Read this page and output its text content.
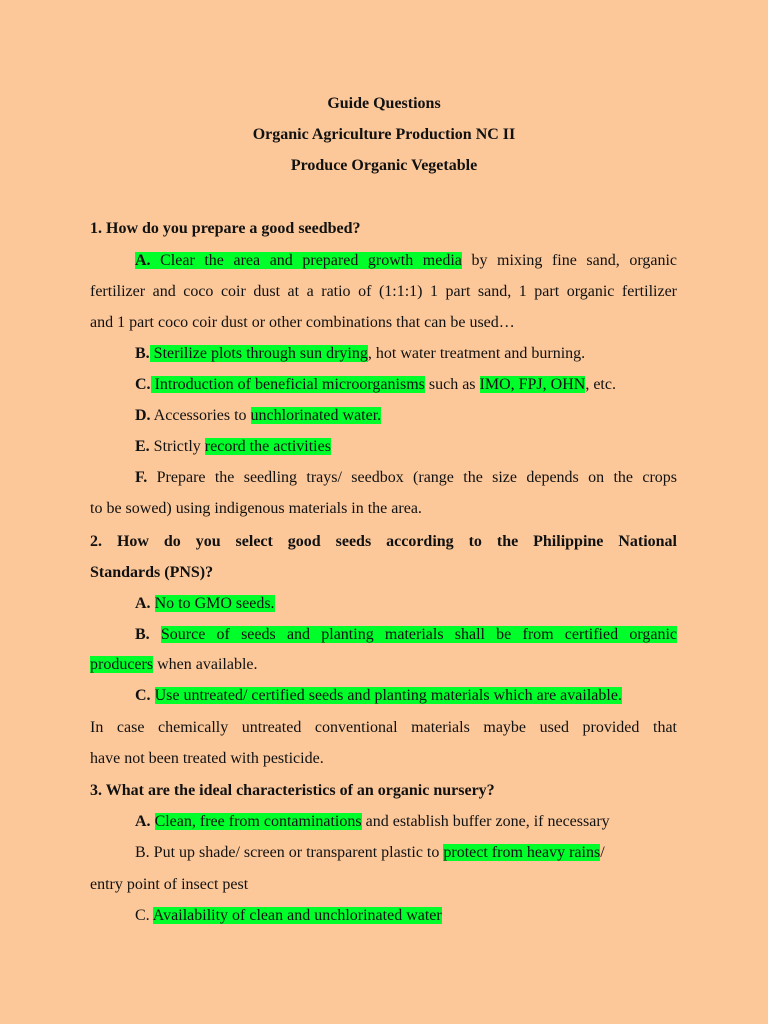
Guide Questions
Organic Agriculture Production NC II
Produce Organic Vegetable
1. How do you prepare a good seedbed?
A. Clear the area and prepared growth media by mixing fine sand, organic
fertilizer and coco coir dust at a ratio of (1:1:1) 1 part sand, 1 part organic fertilizer
and 1 part coco coir dust or other combinations that can be used…
B. Sterilize plots through sun drying, hot water treatment and burning.
C. Introduction of beneficial microorganisms such as IMO, FPJ, OHN, etc.
D. Accessories to unchlorinated water.
E. Strictly record the activities
F. Prepare the seedling trays/ seedbox (range the size depends on the crops
to be sowed) using indigenous materials in the area.
2. How do you select good seeds according to the Philippine National
Standards (PNS)?
A. No to GMO seeds.
B. Source of seeds and planting materials shall be from certified organic
producers when available.
C. Use untreated/ certified seeds and planting materials which are available.
In case chemically untreated conventional materials maybe used provided that
have not been treated with pesticide.
3. What are the ideal characteristics of an organic nursery?
A. Clean, free from contaminations and establish buffer zone, if necessary
B. Put up shade/ screen or transparent plastic to protect from heavy rains/
entry point of insect pest
C. Availability of clean and unchlorinated water
